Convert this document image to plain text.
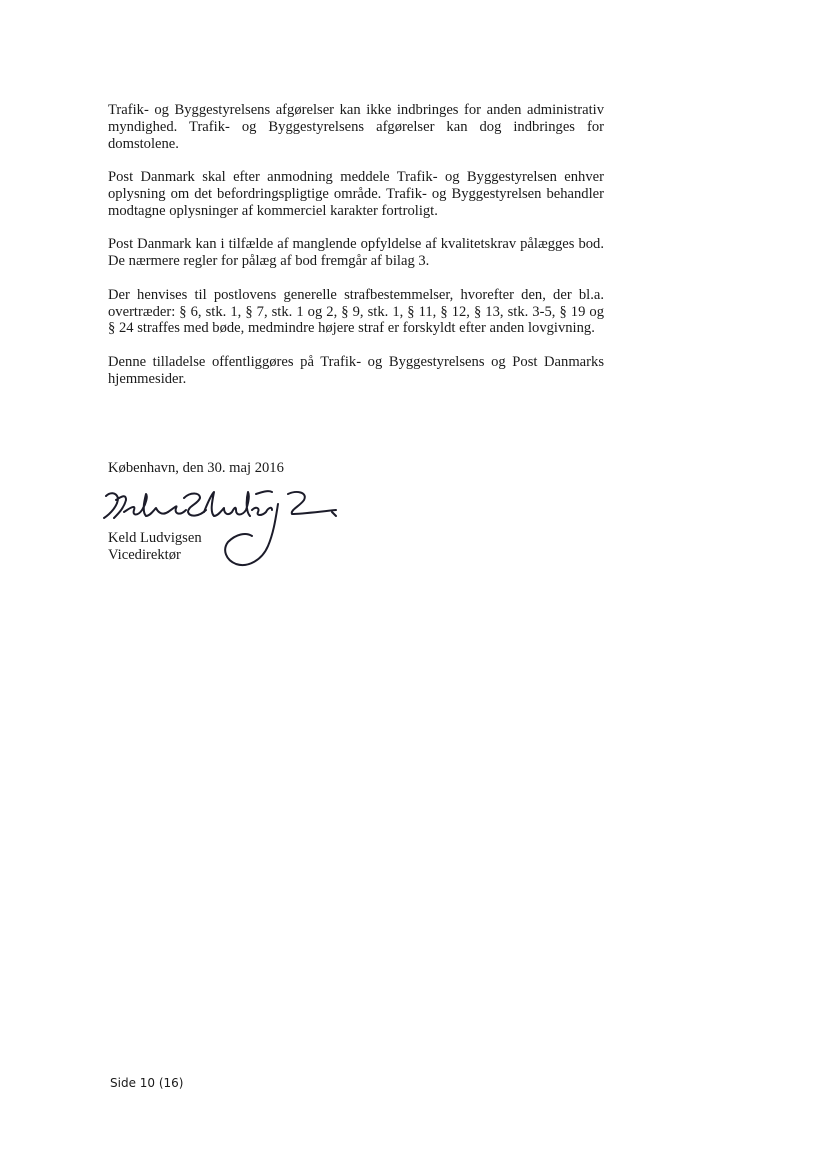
Trafik- og Byggestyrelsens afgørelser kan ikke indbringes for anden administrativ myndighed. Trafik- og Byggestyrelsens afgørelser kan dog indbringes for domstolene.

Post Danmark skal efter anmodning meddele Trafik- og Byggestyrelsen enhver oplysning om det befordringspligtige område. Trafik- og Byggestyrelsen behandler modtagne oplysninger af kommerciel karakter fortroligt.

Post Danmark kan i tilfælde af manglende opfyldelse af kvalitetskrav pålægges bod. De nærmere regler for pålæg af bod fremgår af bilag 3.

Der henvises til postlovens generelle strafbestemmelser, hvorefter den, der bl.a. overtræder: § 6, stk. 1, § 7, stk. 1 og 2, § 9, stk. 1, § 11, § 12, § 13, stk. 3-5, § 19 og § 24 straffes med bøde, medmindre højere straf er forskyldt efter anden lovgivning.

Denne tilladelse offentliggøres på Trafik- og Byggestyrelsens og Post Danmarks hjemmesider.

København, den 30. maj 2016
Keld Ludvigsen
Vicedirektør
Side 10 (16)
